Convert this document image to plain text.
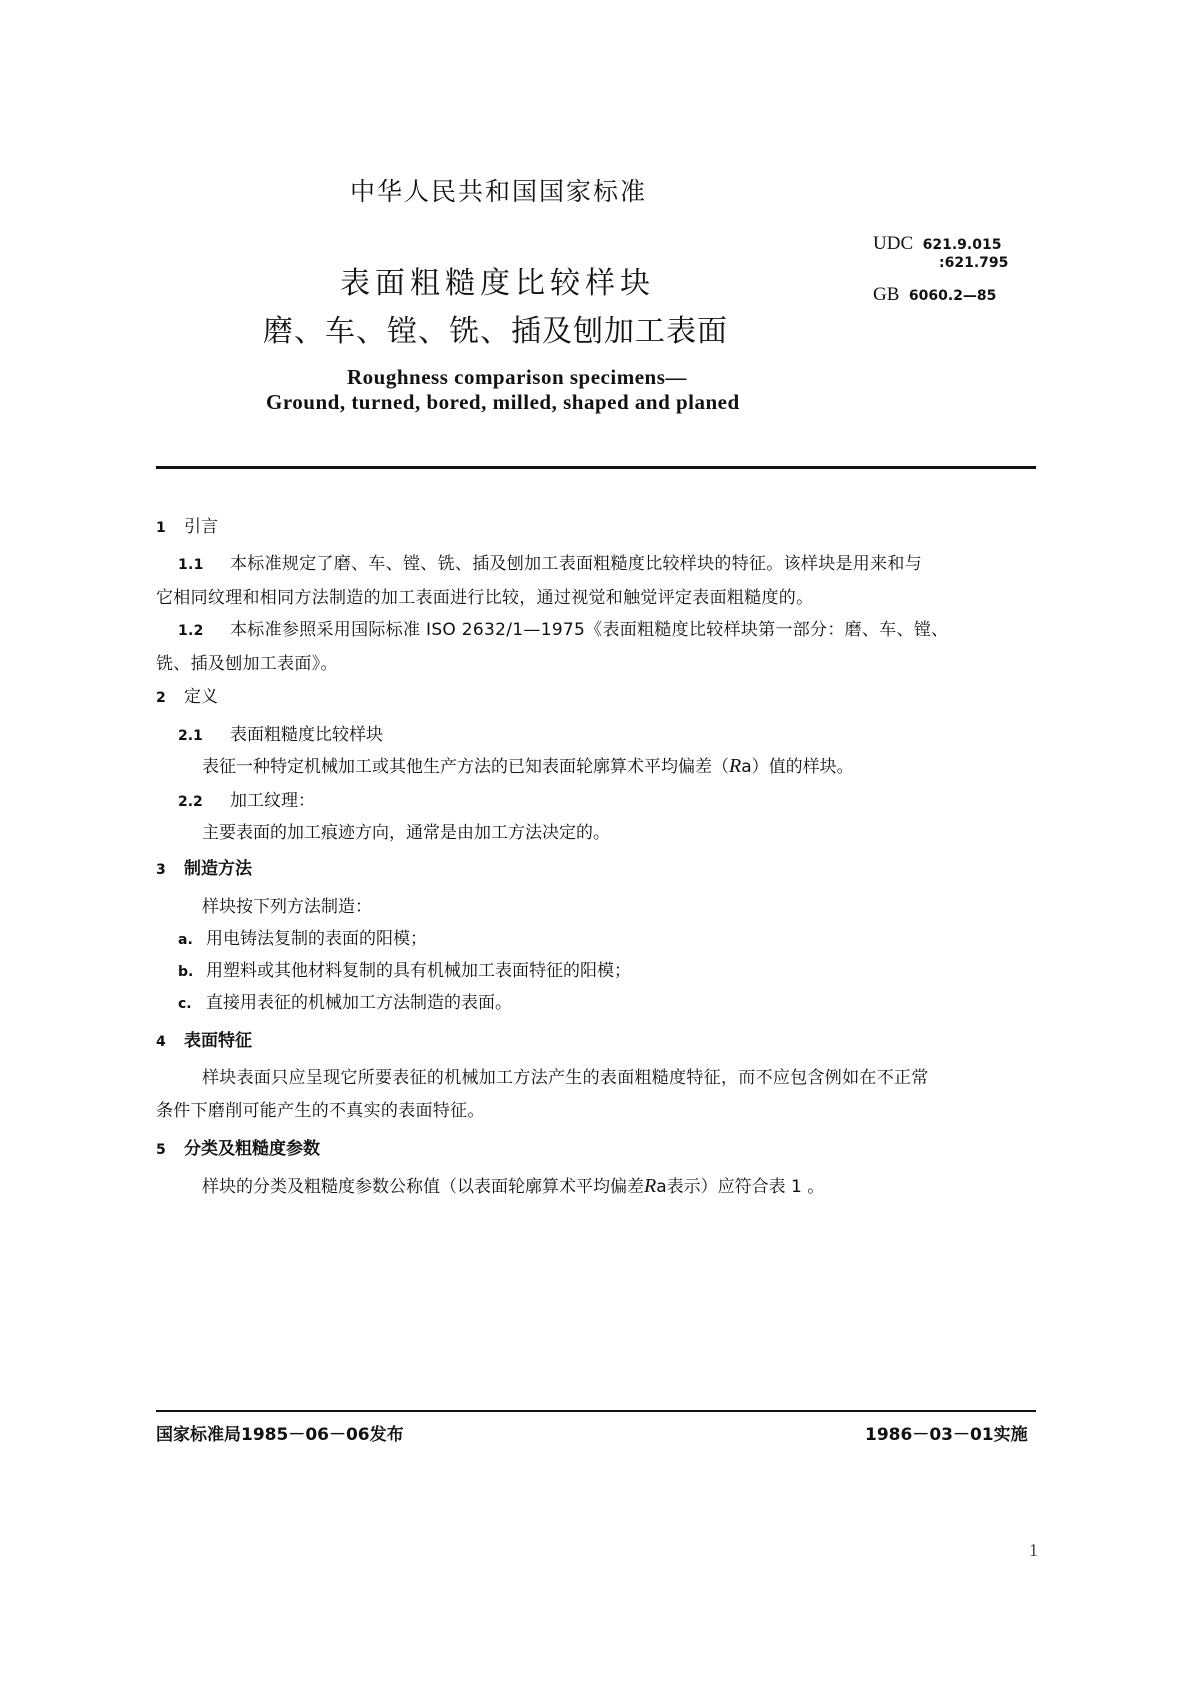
中华人民共和国国家标准
表面粗糙度比较样块
磨、车、镗、铣、插及刨加工表面
Roughness comparison specimens—
Ground, turned, bored, milled, shaped and planed
UDC 621.9.015
:621.795
GB 6060.2—85
1 引言
1.1 本标准规定了磨、车、镗、铣、插及刨加工表面粗糙度比较样块的特征。该样块是用来和与
它相同纹理和相同方法制造的加工表面进行比较，通过视觉和触觉评定表面粗糙度的。
1.2 本标准参照采用国际标准 ISO 2632/1—1975《表面粗糙度比较样块第一部分：磨、车、镗、
铣、插及刨加工表面》。
2 定义
2.1 表面粗糙度比较样块
表征一种特定机械加工或其他生产方法的已知表面轮廓算术平均偏差（Ra）值的样块。
2.2 加工纹理：
主要表面的加工痕迹方向，通常是由加工方法决定的。
3 制造方法
样块按下列方法制造：
a. 用电铸法复制的表面的阳模；
b. 用塑料或其他材料复制的具有机械加工表面特征的阳模；
c. 直接用表征的机械加工方法制造的表面。
4 表面特征
样块表面只应呈现它所要表征的机械加工方法产生的表面粗糙度特征，而不应包含例如在不正常
条件下磨削可能产生的不真实的表面特征。
5 分类及粗糙度参数
样块的分类及粗糙度参数公称值（以表面轮廓算术平均偏差Ra表示）应符合表 1 。
国家标准局1985－06－06发布	1986－03－01实施
1
